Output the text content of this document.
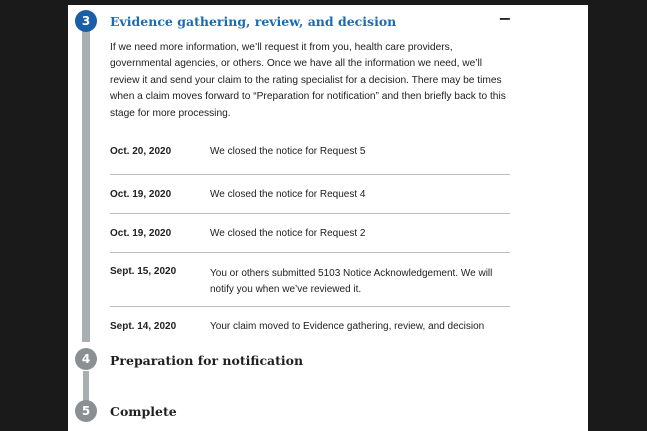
3	Evidence gathering, review, and decision	−
If we need more information, we’ll request it from you, health care providers, governmental agencies, or others. Once we have all the information we need, we’ll review it and send your claim to the rating specialist for a decision. There may be times when a claim moves forward to “Preparation for notification” and then briefly back to this stage for more processing.
Oct. 20, 2020	We closed the notice for Request 5
Oct. 19, 2020	We closed the notice for Request 4
Oct. 19, 2020	We closed the notice for Request 2
Sept. 15, 2020	You or others submitted 5103 Notice Acknowledgement. We will notify you when we’ve reviewed it.
Sept. 14, 2020	Your claim moved to Evidence gathering, review, and decision
4	Preparation for notification
5	Complete
